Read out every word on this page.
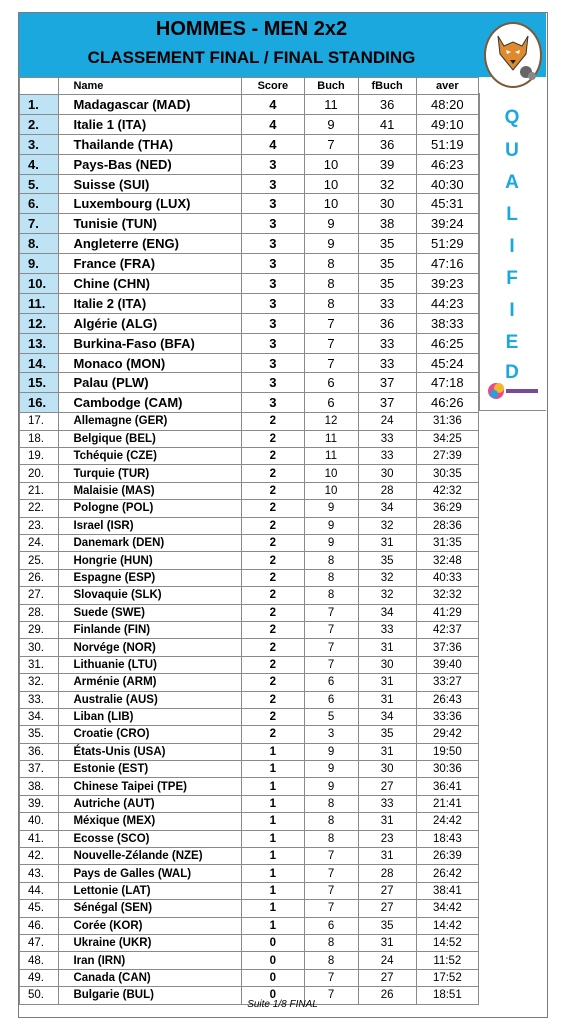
HOMMES - MEN 2x2
CLASSEMENT FINAL / FINAL STANDING
	Name	Score	Buch	fBuch	aver
1.	Madagascar (MAD)	4	11	36	48:20
2.	Italie 1 (ITA)	4	9	41	49:10
3.	Thailande (THA)	4	7	36	51:19
4.	Pays-Bas (NED)	3	10	39	46:23
5.	Suisse (SUI)	3	10	32	40:30
6.	Luxembourg (LUX)	3	10	30	45:31
7.	Tunisie (TUN)	3	9	38	39:24
8.	Angleterre (ENG)	3	9	35	51:29
9.	France (FRA)	3	8	35	47:16
10.	Chine (CHN)	3	8	35	39:23
11.	Italie 2 (ITA)	3	8	33	44:23
12.	Algérie (ALG)	3	7	36	38:33
13.	Burkina-Faso (BFA)	3	7	33	46:25
14.	Monaco (MON)	3	7	33	45:24
15.	Palau (PLW)	3	6	37	47:18
16.	Cambodge (CAM)	3	6	37	46:26
17.	Allemagne (GER)	2	12	24	31:36
18.	Belgique (BEL)	2	11	33	34:25
19.	Tchéquie (CZE)	2	11	33	27:39
20.	Turquie (TUR)	2	10	30	30:35
21.	Malaisie (MAS)	2	10	28	42:32
22.	Pologne (POL)	2	9	34	36:29
23.	Israel (ISR)	2	9	32	28:36
24.	Danemark (DEN)	2	9	31	31:35
25.	Hongrie (HUN)	2	8	35	32:48
26.	Espagne (ESP)	2	8	32	40:33
27.	Slovaquie (SLK)	2	8	32	32:32
28.	Suede (SWE)	2	7	34	41:29
29.	Finlande (FIN)	2	7	33	42:37
30.	Norvége (NOR)	2	7	31	37:36
31.	Lithuanie (LTU)	2	7	30	39:40
32.	Arménie (ARM)	2	6	31	33:27
33.	Australie (AUS)	2	6	31	26:43
34.	Liban (LIB)	2	5	34	33:36
35.	Croatie (CRO)	2	3	35	29:42
36.	États-Unis (USA)	1	9	31	19:50
37.	Estonie (EST)	1	9	30	30:36
38.	Chinese Taipei (TPE)	1	9	27	36:41
39.	Autriche (AUT)	1	8	33	21:41
40.	Méxique (MEX)	1	8	31	24:42
41.	Ecosse (SCO)	1	8	23	18:43
42.	Nouvelle-Zélande (NZE)	1	7	31	26:39
43.	Pays de Galles (WAL)	1	7	28	26:42
44.	Lettonie (LAT)	1	7	27	38:41
45.	Sénégal (SEN)	1	7	27	34:42
46.	Corée (KOR)	1	6	35	14:42
47.	Ukraine (UKR)	0	8	31	14:52
48.	Iran (IRN)	0	8	24	11:52
49.	Canada (CAN)	0	7	27	17:52
50.	Bulgarie (BUL)	0	7	26	18:51
Q
U
A
L
I
F
I
E
D
Suite 1/8 FINAL
